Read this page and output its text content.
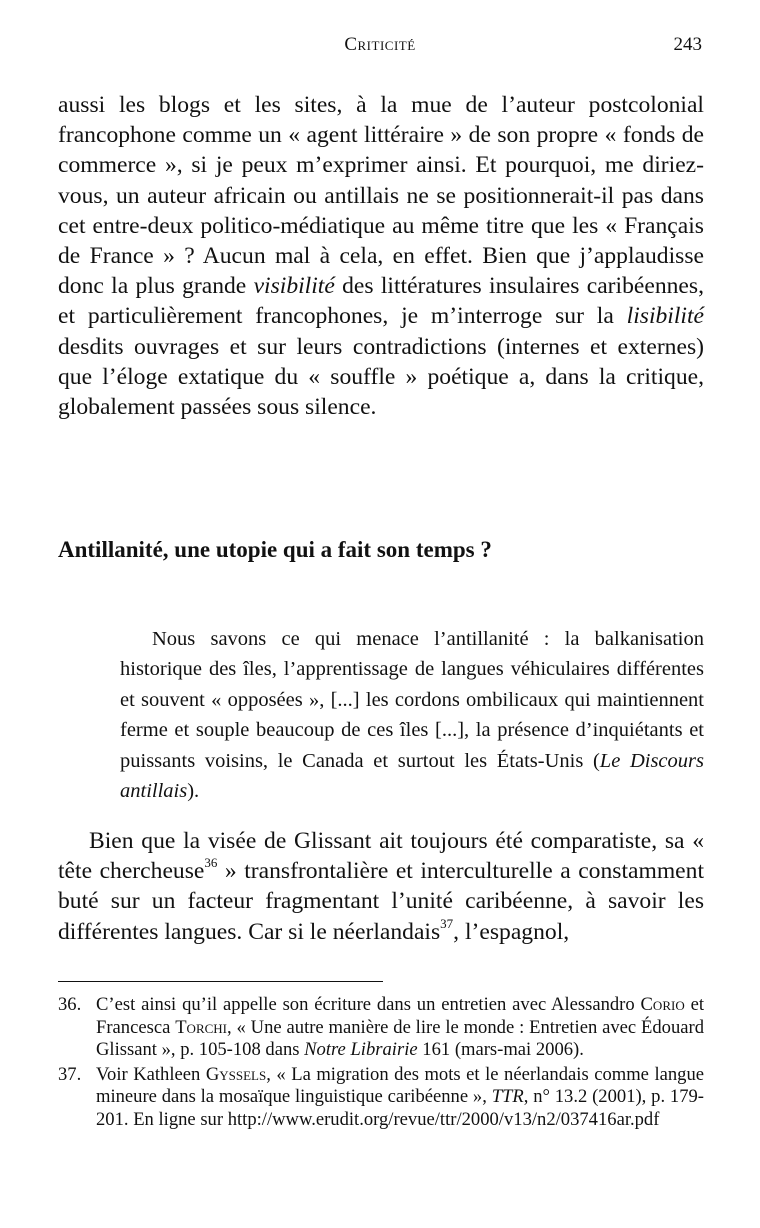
Criticité	243

aussi les blogs et les sites, à la mue de l’auteur postcolonial francophone comme un « agent littéraire » de son propre « fonds de commerce », si je peux m’exprimer ainsi. Et pourquoi, me diriez-vous, un auteur africain ou antillais ne se positionnerait-il pas dans cet entre-deux politico-médiatique au même titre que les « Français de France » ? Aucun mal à cela, en effet. Bien que j’applaudisse donc la plus grande visibilité des littératures insulaires caribéennes, et particulièrement francophones, je m’interroge sur la lisibilité desdits ouvrages et sur leurs contradictions (internes et externes) que l’éloge extatique du « souffle » poétique a, dans la critique, globalement passées sous silence.

Antillanité, une utopie qui a fait son temps ?

Nous savons ce qui menace l’antillanité : la balkanisation historique des îles, l’apprentissage de langues véhiculaires différentes et souvent « opposées », [...] les cordons ombilicaux qui maintiennent ferme et souple beaucoup de ces îles [...], la présence d’inquiétants et puissants voisins, le Canada et surtout les États-Unis (Le Discours antillais).

Bien que la visée de Glissant ait toujours été comparatiste, sa « tête chercheuse$^{36}$ » transfrontalière et interculturelle a constamment buté sur un facteur fragmentant l’unité caribéenne, à savoir les différentes langues. Car si le néerlandais$^{37}$, l’espagnol,

36. C’est ainsi qu’il appelle son écriture dans un entretien avec Alessandro Corio et Francesca Torchi, « Une autre manière de lire le monde : Entretien avec Édouard Glissant », p. 105-108 dans Notre Librairie 161 (mars-mai 2006).

37. Voir Kathleen Gyssels, « La migration des mots et le néerlandais comme langue mineure dans la mosaïque linguistique caribéenne », TTR, n° 13.2 (2001), p. 179-201. En ligne sur http://www.erudit.org/revue/ttr/2000/v13/n2/037416ar.pdf
